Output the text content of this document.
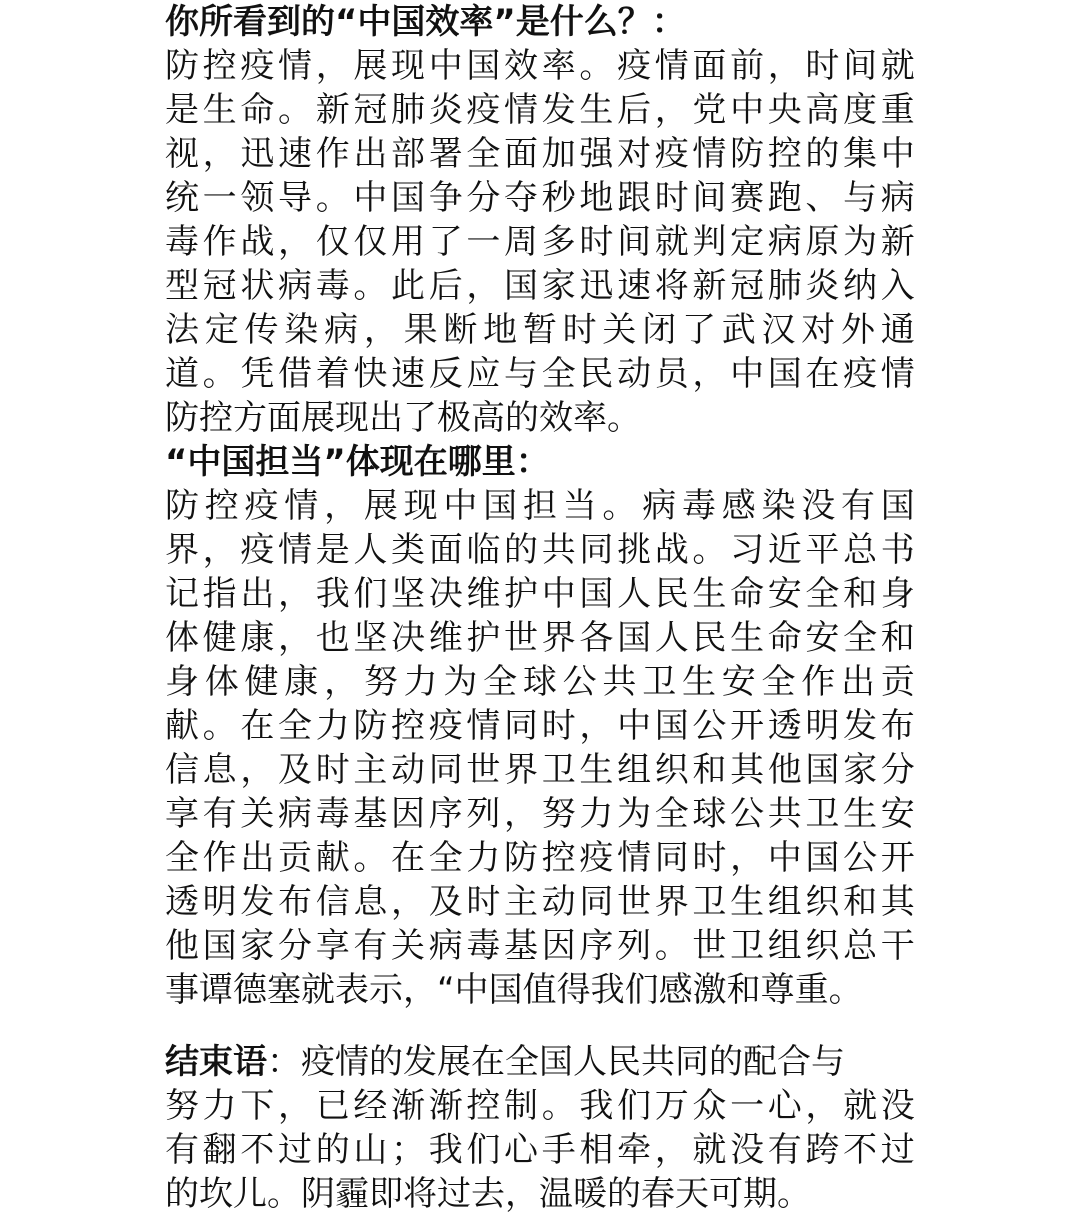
你所看到的“中国效率”是什么？：
防 控 疫 情 ， 展 现 中 国 效 率 。 疫 情 面 前 ， 时 间 就
是 生 命 。 新 冠 肺 炎 疫 情 发 生 后 ， 党 中 央 高 度 重
视 ， 迅 速 作 出 部 署 全 面 加 强 对 疫 情 防 控 的 集 中
统 一 领 导 。 中 国 争 分 夺 秒 地 跟 时 间 赛 跑 、 与 病
毒 作 战 ， 仅 仅 用 了 一 周 多 时 间 就 判 定 病 原 为 新
型 冠 状 病 毒 。 此 后 ， 国 家 迅 速 将 新 冠 肺 炎 纳 入
法 定 传 染 病 ， 果 断 地 暂 时 关 闭 了 武 汉 对 外 通
道 。 凭 借 着 快 速 反 应 与 全 民 动 员 ， 中 国 在 疫 情
防控方面展现出了极高的效率。
“中国担当”体现在哪里：
防 控 疫 情 ， 展 现 中 国 担 当 。 病 毒 感 染 没 有 国
界 ， 疫 情 是 人 类 面 临 的 共 同 挑 战 。 习 近 平 总 书
记 指 出 ， 我 们 坚 决 维 护 中 国 人 民 生 命 安 全 和 身
体 健 康 ， 也 坚 决 维 护 世 界 各 国 人 民 生 命 安 全 和
身 体 健 康 ， 努 力 为 全 球 公 共 卫 生 安 全 作 出 贡
献 。 在 全 力 防 控 疫 情 同 时 ， 中 国 公 开 透 明 发 布
信 息 ， 及 时 主 动 同 世 界 卫 生 组 织 和 其 他 国 家 分
享 有 关 病 毒 基 因 序 列 ， 努 力 为 全 球 公 共 卫 生 安
全 作 出 贡 献 。 在 全 力 防 控 疫 情 同 时 ， 中 国 公 开
透 明 发 布 信 息 ， 及 时 主 动 同 世 界 卫 生 组 织 和 其
他 国 家 分 享 有 关 病 毒 基 因 序 列 。 世 卫 组 织 总 干
事谭德塞就表示，“中国值得我们感激和尊重。
结束语：疫情的发展在全国人民共同的配合与
努 力 下 ， 已 经 渐 渐 控 制 。 我 们 万 众 一 心 ， 就 没
有 翻 不 过 的 山 ； 我 们 心 手 相 牵 ， 就 没 有 跨 不 过
的坎儿。阴霾即将过去，温暖的春天可期。
